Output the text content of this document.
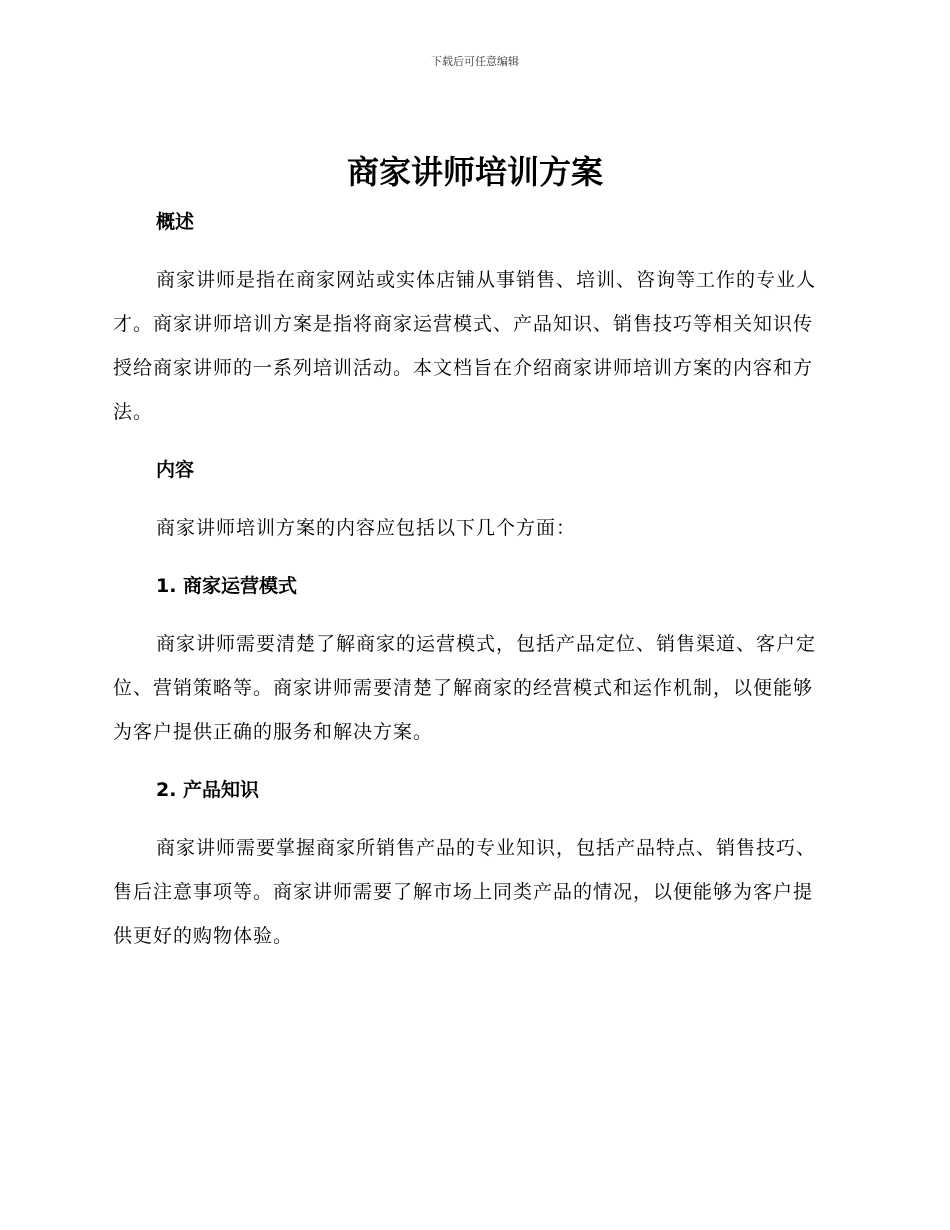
下载后可任意编辑
商家讲师培训方案
概述

商家讲师是指在商家网站或实体店铺从事销售、培训、咨询等工作的专业人才。商家讲师培训方案是指将商家运营模式、产品知识、销售技巧等相关知识传授给商家讲师的一系列培训活动。本文档旨在介绍商家讲师培训方案的内容和方法。

内容

商家讲师培训方案的内容应包括以下几个方面：

1. 商家运营模式

商家讲师需要清楚了解商家的运营模式，包括产品定位、销售渠道、客户定位、营销策略等。商家讲师需要清楚了解商家的经营模式和运作机制，以便能够为客户提供正确的服务和解决方案。

2. 产品知识

商家讲师需要掌握商家所销售产品的专业知识，包括产品特点、销售技巧、售后注意事项等。商家讲师需要了解市场上同类产品的情况，以便能够为客户提供更好的购物体验。
